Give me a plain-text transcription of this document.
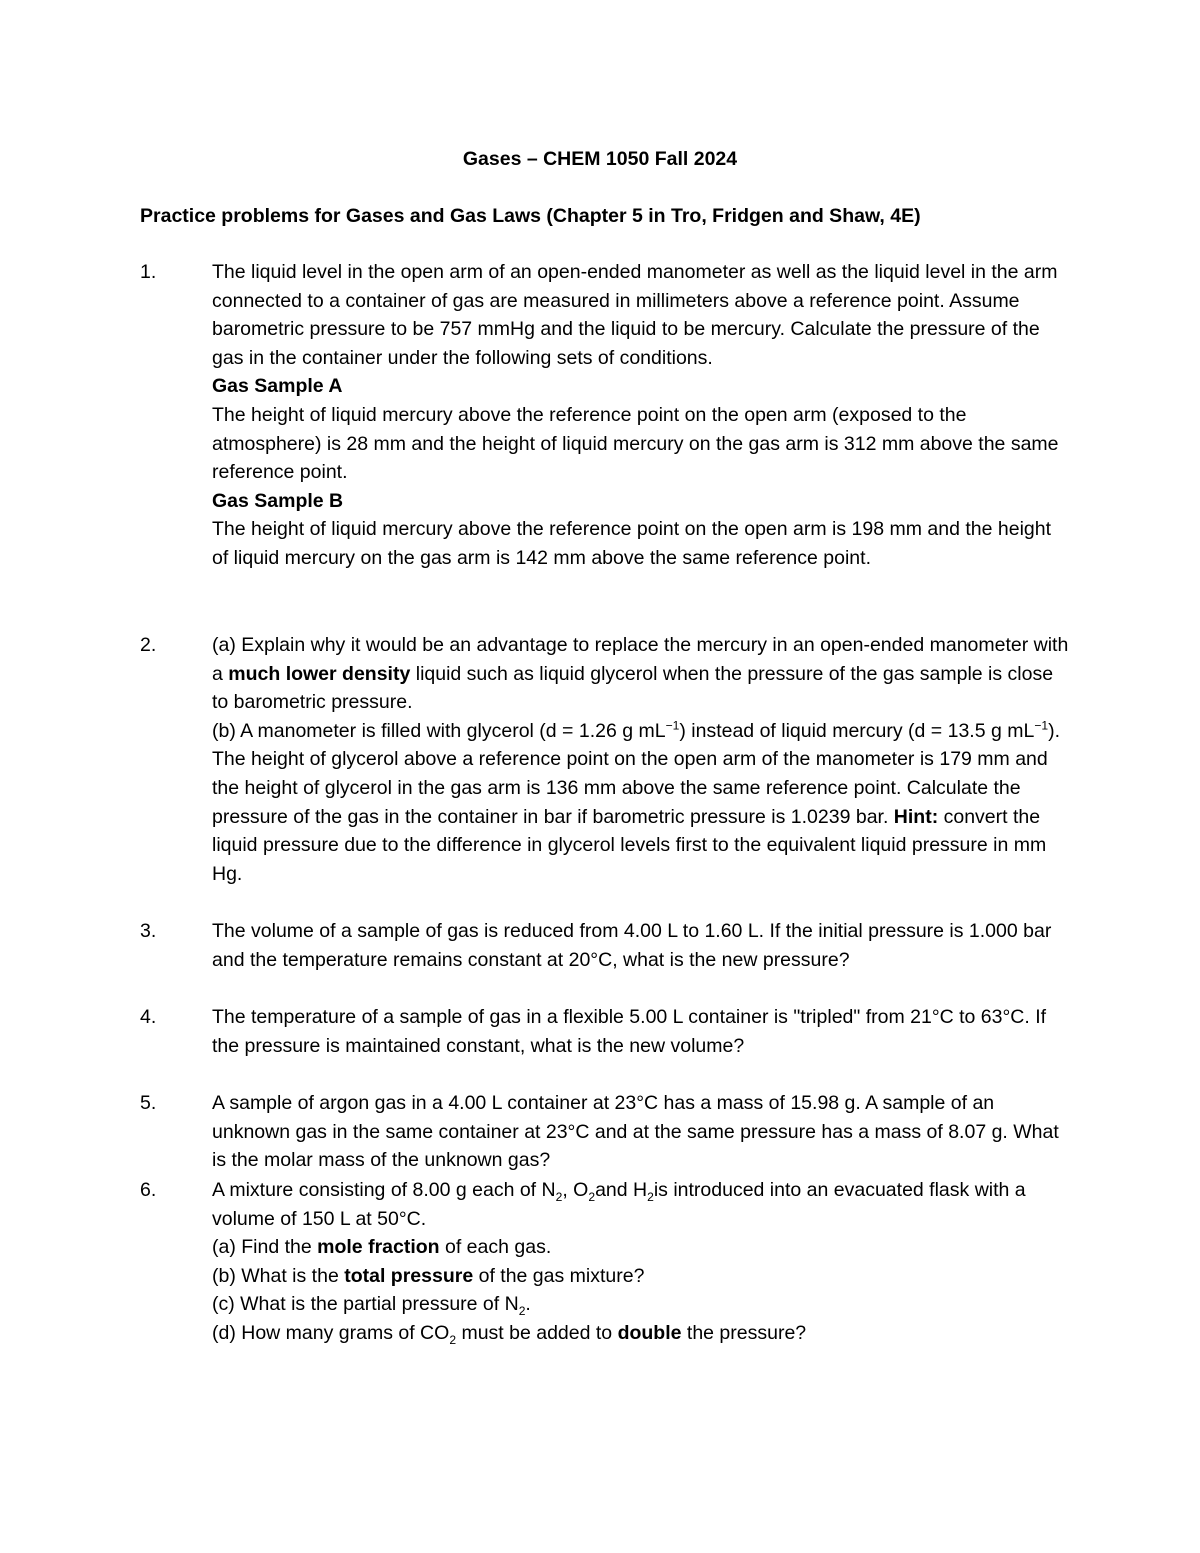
Gases – CHEM 1050 Fall 2024
Practice problems for Gases and Gas Laws (Chapter 5 in Tro, Fridgen and Shaw, 4E)
1.	The liquid level in the open arm of an open-ended manometer as well as the liquid level in the arm connected to a container of gas are measured in millimeters above a reference point. Assume barometric pressure to be 757 mmHg and the liquid to be mercury. Calculate the pressure of the gas in the container under the following sets of conditions.

Gas Sample A

The height of liquid mercury above the reference point on the open arm (exposed to the atmosphere) is 28 mm and the height of liquid mercury on the gas arm is 312 mm above the same reference point.

Gas Sample B

The height of liquid mercury above the reference point on the open arm is 198 mm and the height of liquid mercury on the gas arm is 142 mm above the same reference point.

2.	(a) Explain why it would be an advantage to replace the mercury in an open-ended manometer with a much lower density liquid such as liquid glycerol when the pressure of the gas sample is close to barometric pressure.

(b) A manometer is filled with glycerol (d = 1.26 g $mL^{-1}$) instead of liquid mercury (d = 13.5 g $mL^{-1}$). The height of glycerol above a reference point on the open arm of the manometer is 179 mm and the height of glycerol in the gas arm is 136 mm above the same reference point. Calculate the pressure of the gas in the container in bar if barometric pressure is 1.0239 bar. Hint: convert the liquid pressure due to the difference in glycerol levels first to the equivalent liquid pressure in mm Hg.

3.	The volume of a sample of gas is reduced from 4.00 L to 1.60 L. If the initial pressure is 1.000 bar and the temperature remains constant at 20°C, what is the new pressure?

4.	The temperature of a sample of gas in a flexible 5.00 L container is "tripled" from 21°C to 63°C. If the pressure is maintained constant, what is the new volume?

5.	A sample of argon gas in a 4.00 L container at 23°C has a mass of 15.98 g. A sample of an unknown gas in the same container at 23°C and at the same pressure has a mass of 8.07 g. What is the molar mass of the unknown gas?

6.	A mixture consisting of 8.00 g each of $N_2$, $O_2and$ $H_2is$ introduced into an evacuated flask with a volume of 150 L at 50°C.

(a) Find the mole fraction of each gas.

(b) What is the total pressure of the gas mixture?

(c) What is the partial pressure of $N_2$.

(d) How many grams of $CO_2$ must be added to double the pressure?
